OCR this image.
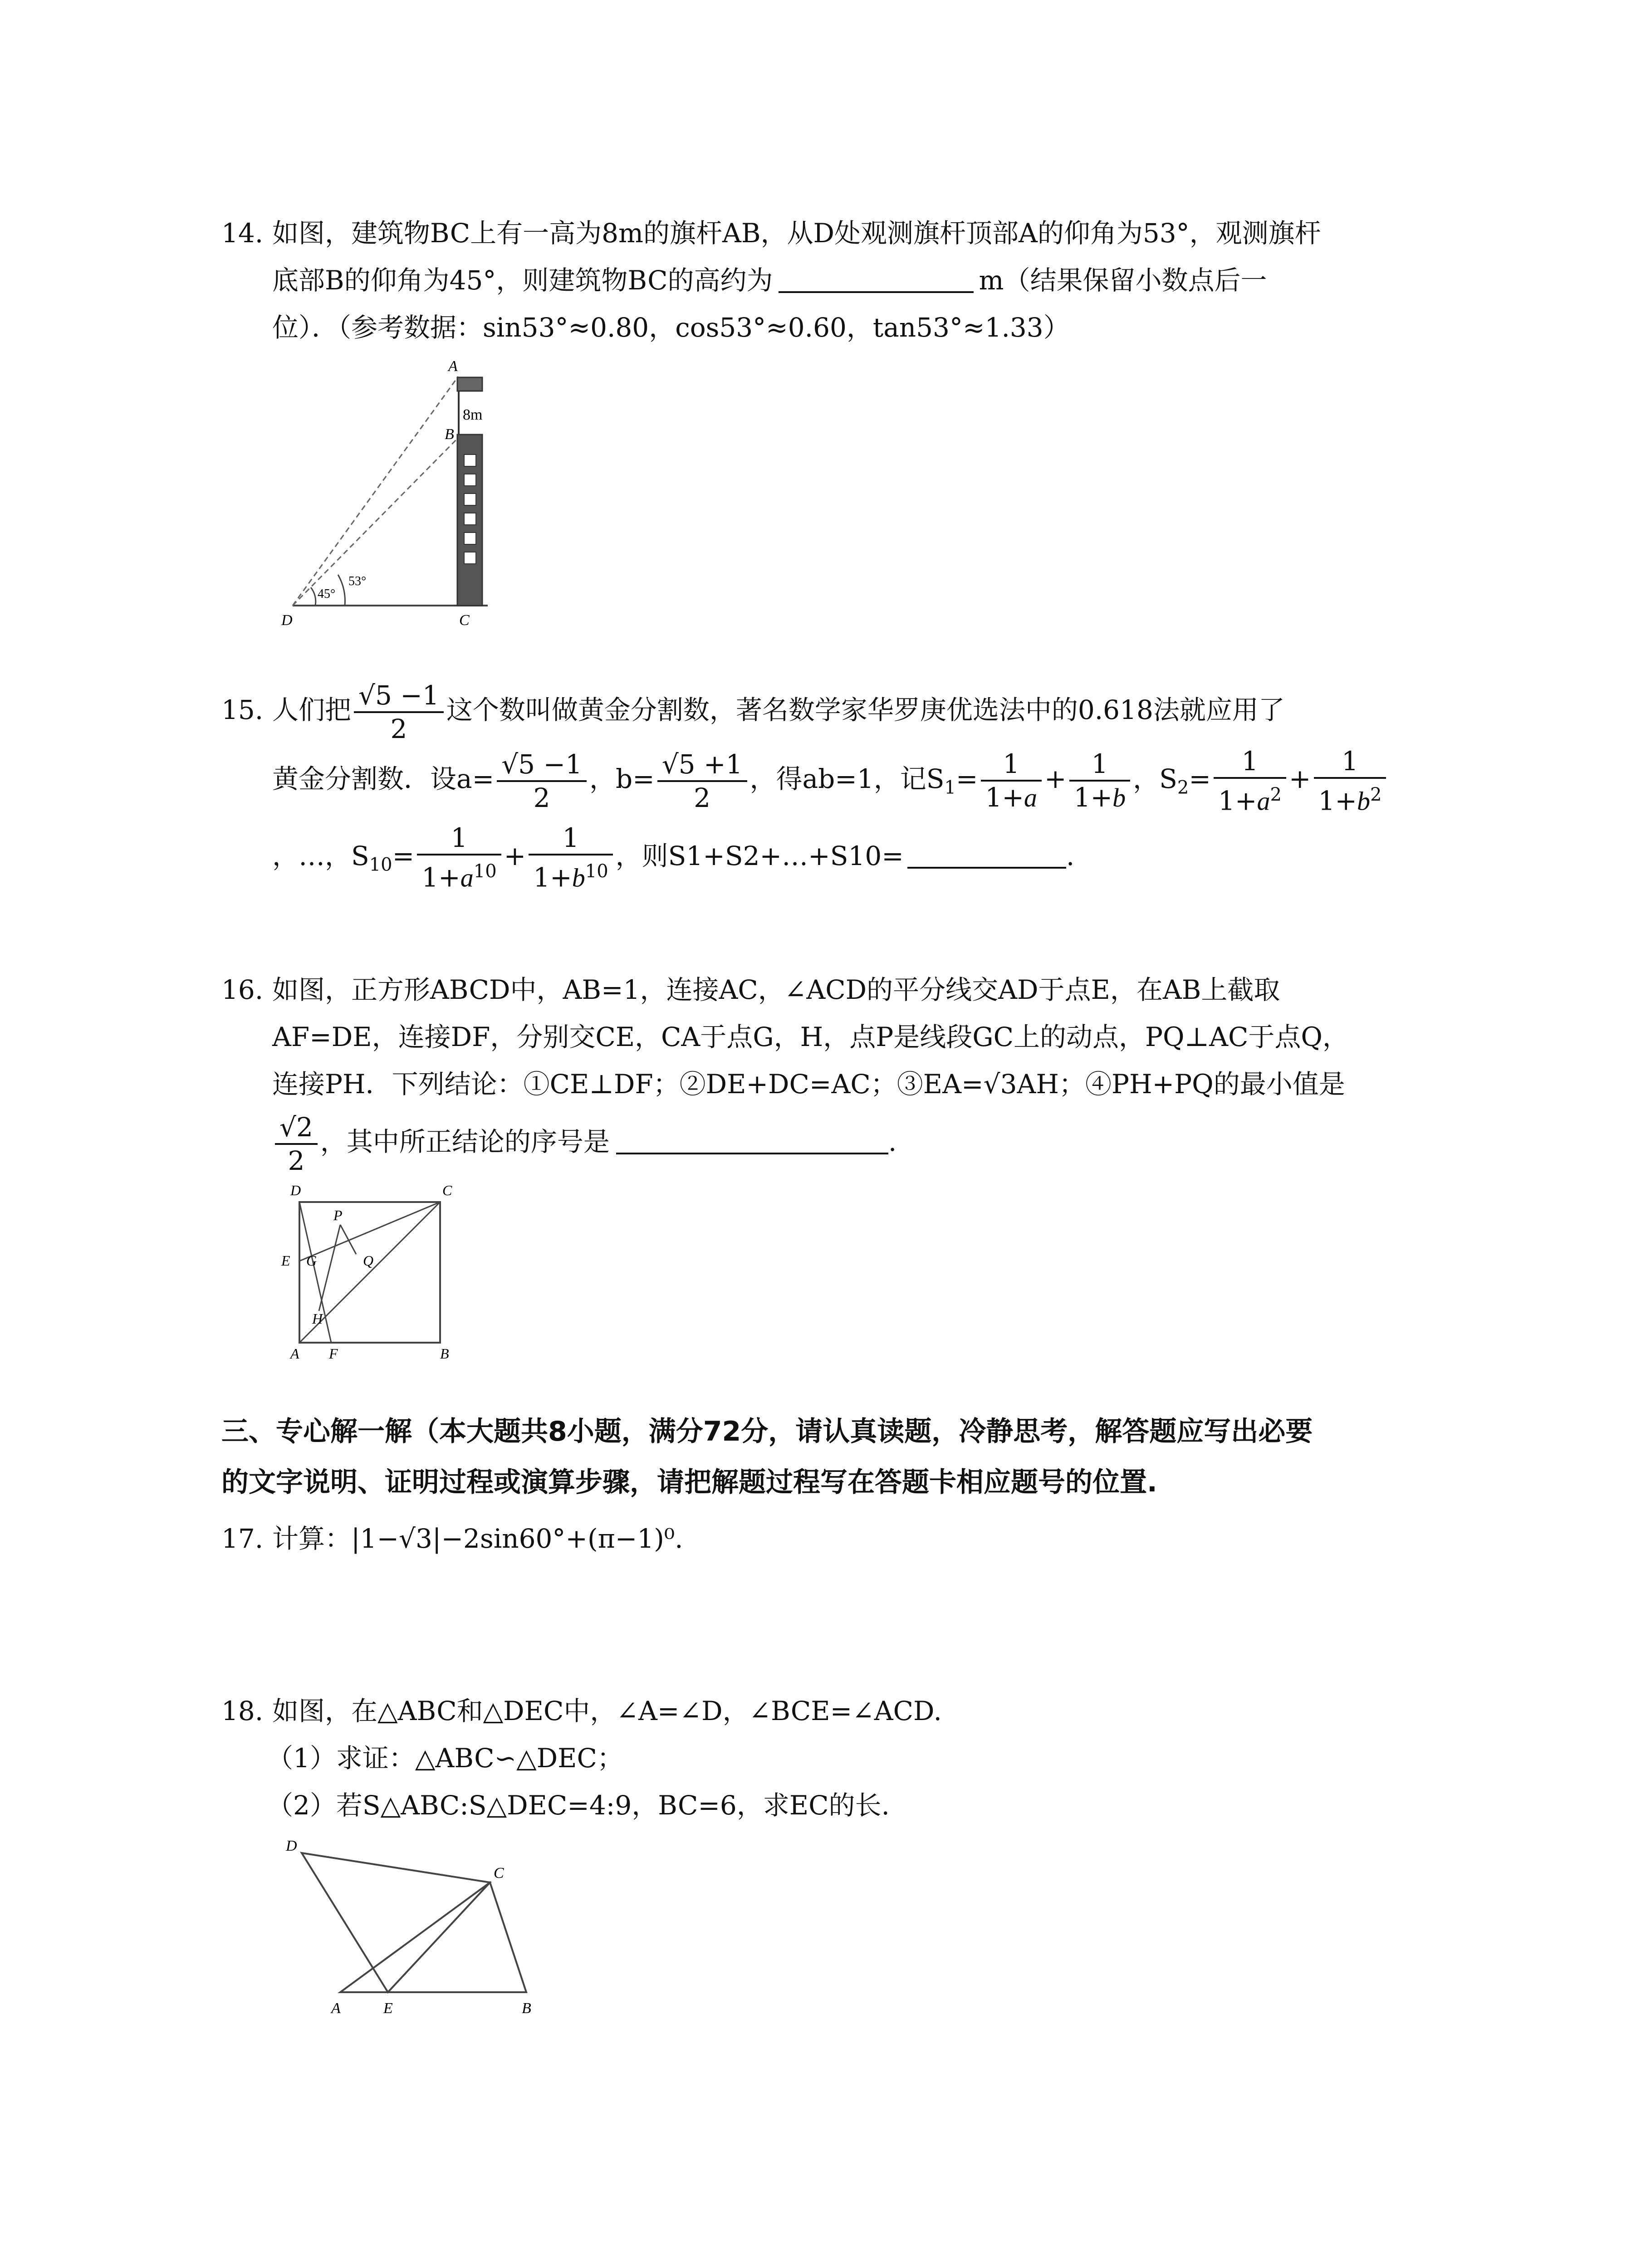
14. 如图，建筑物BC上有一高为8m的旗杆AB，从D处观测旗杆顶部A的仰角为53°，观测旗杆
底部B的仰角为45°，则建筑物BC的高约为	m（结果保留小数点后一
位）．（参考数据：sin53°≈0.80，cos53°≈0.60，tan53°≈1.33）
A
B
C
D
8m
53°
45°
15. 人们把 $\frac{√5 -1}{2}$ 这个数叫做黄金分割数，著名数学家华罗庚优选法中的0.618法就应用了
黄金分割数．设$a= \frac{√5 -1}{2}$ ，$b= \frac{√5 +1}{2}$ ，得ab=1，记$S_1= \frac{1}{1+a} + \frac{1}{1+b}$ ，$S_2= \frac{1}{1+a^2} + \frac{1}{1+b^2}$
，…，$S_{10}= \frac{1}{1+a^{10}} + \frac{1}{1+b^{10}}$ ，则S1+S2+…+S10=	.
16. 如图，正方形ABCD中，AB=1，连接AC，∠ACD的平分线交AD于点E，在AB上截取
AF=DE，连接DF，分别交CE，CA于点G，H，点P是线段GC上的动点，PQ⊥AC于点Q，
连接PH．下列结论：①CE⊥DF；②DE+DC=AC；③EA=√3AH；④PH+PQ的最小值是
$\frac{√2}{2}$ ，其中所正结论的序号是	.
D	C
A	B
E
F
G
H
P
Q
三、专心解一解（本大题共8小题，满分72分，请认真读题，冷静思考，解答题应写出必要
的文字说明、证明过程或演算步骤，请把解题过程写在答题卡相应题号的位置.
17. 计算：|1−√3|−2sin60°+(π−1)⁰.
18. 如图，在△ABC和△DEC中，∠A=∠D，∠BCE=∠ACD.
（1）求证：△ABC∽△DEC；
（2）若S△ABC:S△DEC=4:9，BC=6，求EC的长.
D
C
A	E	B
